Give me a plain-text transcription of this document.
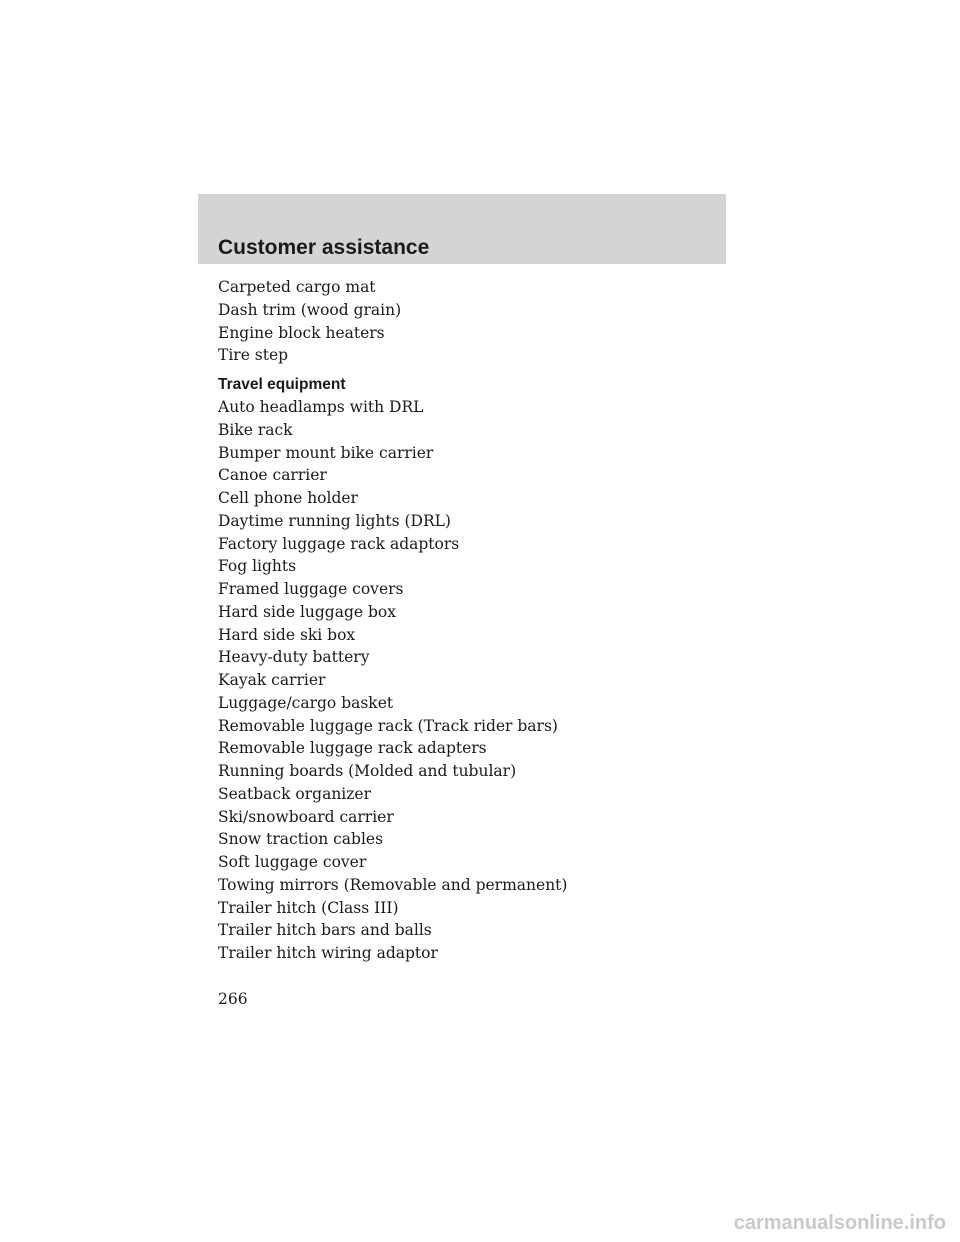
Customer assistance
Carpeted cargo mat
Dash trim (wood grain)
Engine block heaters
Tire step
Travel equipment
Auto headlamps with DRL
Bike rack
Bumper mount bike carrier
Canoe carrier
Cell phone holder
Daytime running lights (DRL)
Factory luggage rack adaptors
Fog lights
Framed luggage covers
Hard side luggage box
Hard side ski box
Heavy-duty battery
Kayak carrier
Luggage/cargo basket
Removable luggage rack (Track rider bars)
Removable luggage rack adapters
Running boards (Molded and tubular)
Seatback organizer
Ski/snowboard carrier
Snow traction cables
Soft luggage cover
Towing mirrors (Removable and permanent)
Trailer hitch (Class III)
Trailer hitch bars and balls
Trailer hitch wiring adaptor
266
carmanualsonline.info
